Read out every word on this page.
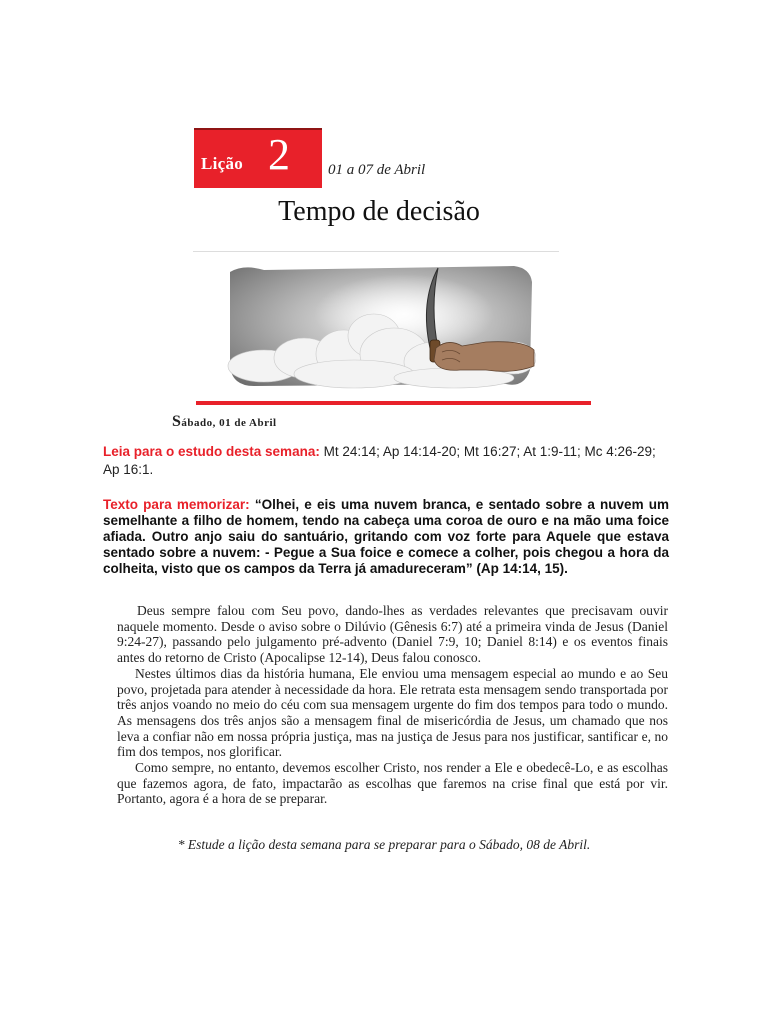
Lição 2	01 a 07 de Abril
Tempo de decisão
Sábado, 01 de Abril
Leia para o estudo desta semana: Mt 24:14; Ap 14:14-20; Mt 16:27; At 1:9-11; Mc 4:26-29; Ap 16:1.
Texto para memorizar: “Olhei, e eis uma nuvem branca, e sentado sobre a nuvem um semelhante a filho de homem, tendo na cabeça uma coroa de ouro e na mão uma foice afiada. Outro anjo saiu do santuário, gritando com voz forte para Aquele que estava sentado sobre a nuvem: - Pegue a Sua foice e comece a colher, pois chegou a hora da colheita, visto que os campos da Terra já amadureceram” (Ap 14:14, 15).

Deus sempre falou com Seu povo, dando-lhes as verdades relevantes que precisavam ouvir naquele momento. Desde o aviso sobre o Dilúvio (Gênesis 6:7) até a primeira vinda de Jesus (Daniel 9:24-27), passando pelo julgamento pré-advento (Daniel 7:9, 10; Daniel 8:14) e os eventos finais antes do retorno de Cristo (Apocalipse 12-14), Deus falou conosco.

Nestes últimos dias da história humana, Ele enviou uma mensagem especial ao mundo e ao Seu povo, projetada para atender à necessidade da hora. Ele retrata esta mensagem sendo transportada por três anjos voando no meio do céu com sua mensagem urgente do fim dos tempos para todo o mundo. As mensagens dos três anjos são a mensagem final de misericórdia de Jesus, um chamado que nos leva a confiar não em nossa própria justiça, mas na justiça de Jesus para nos justificar, santificar e, no fim dos tempos, nos glorificar.

Como sempre, no entanto, devemos escolher Cristo, nos render a Ele e obedecê-Lo, e as escolhas que fazemos agora, de fato, impactarão as escolhas que faremos na crise final que está por vir. Portanto, agora é a hora de se preparar.

* Estude a lição desta semana para se preparar para o Sábado, 08 de Abril.
